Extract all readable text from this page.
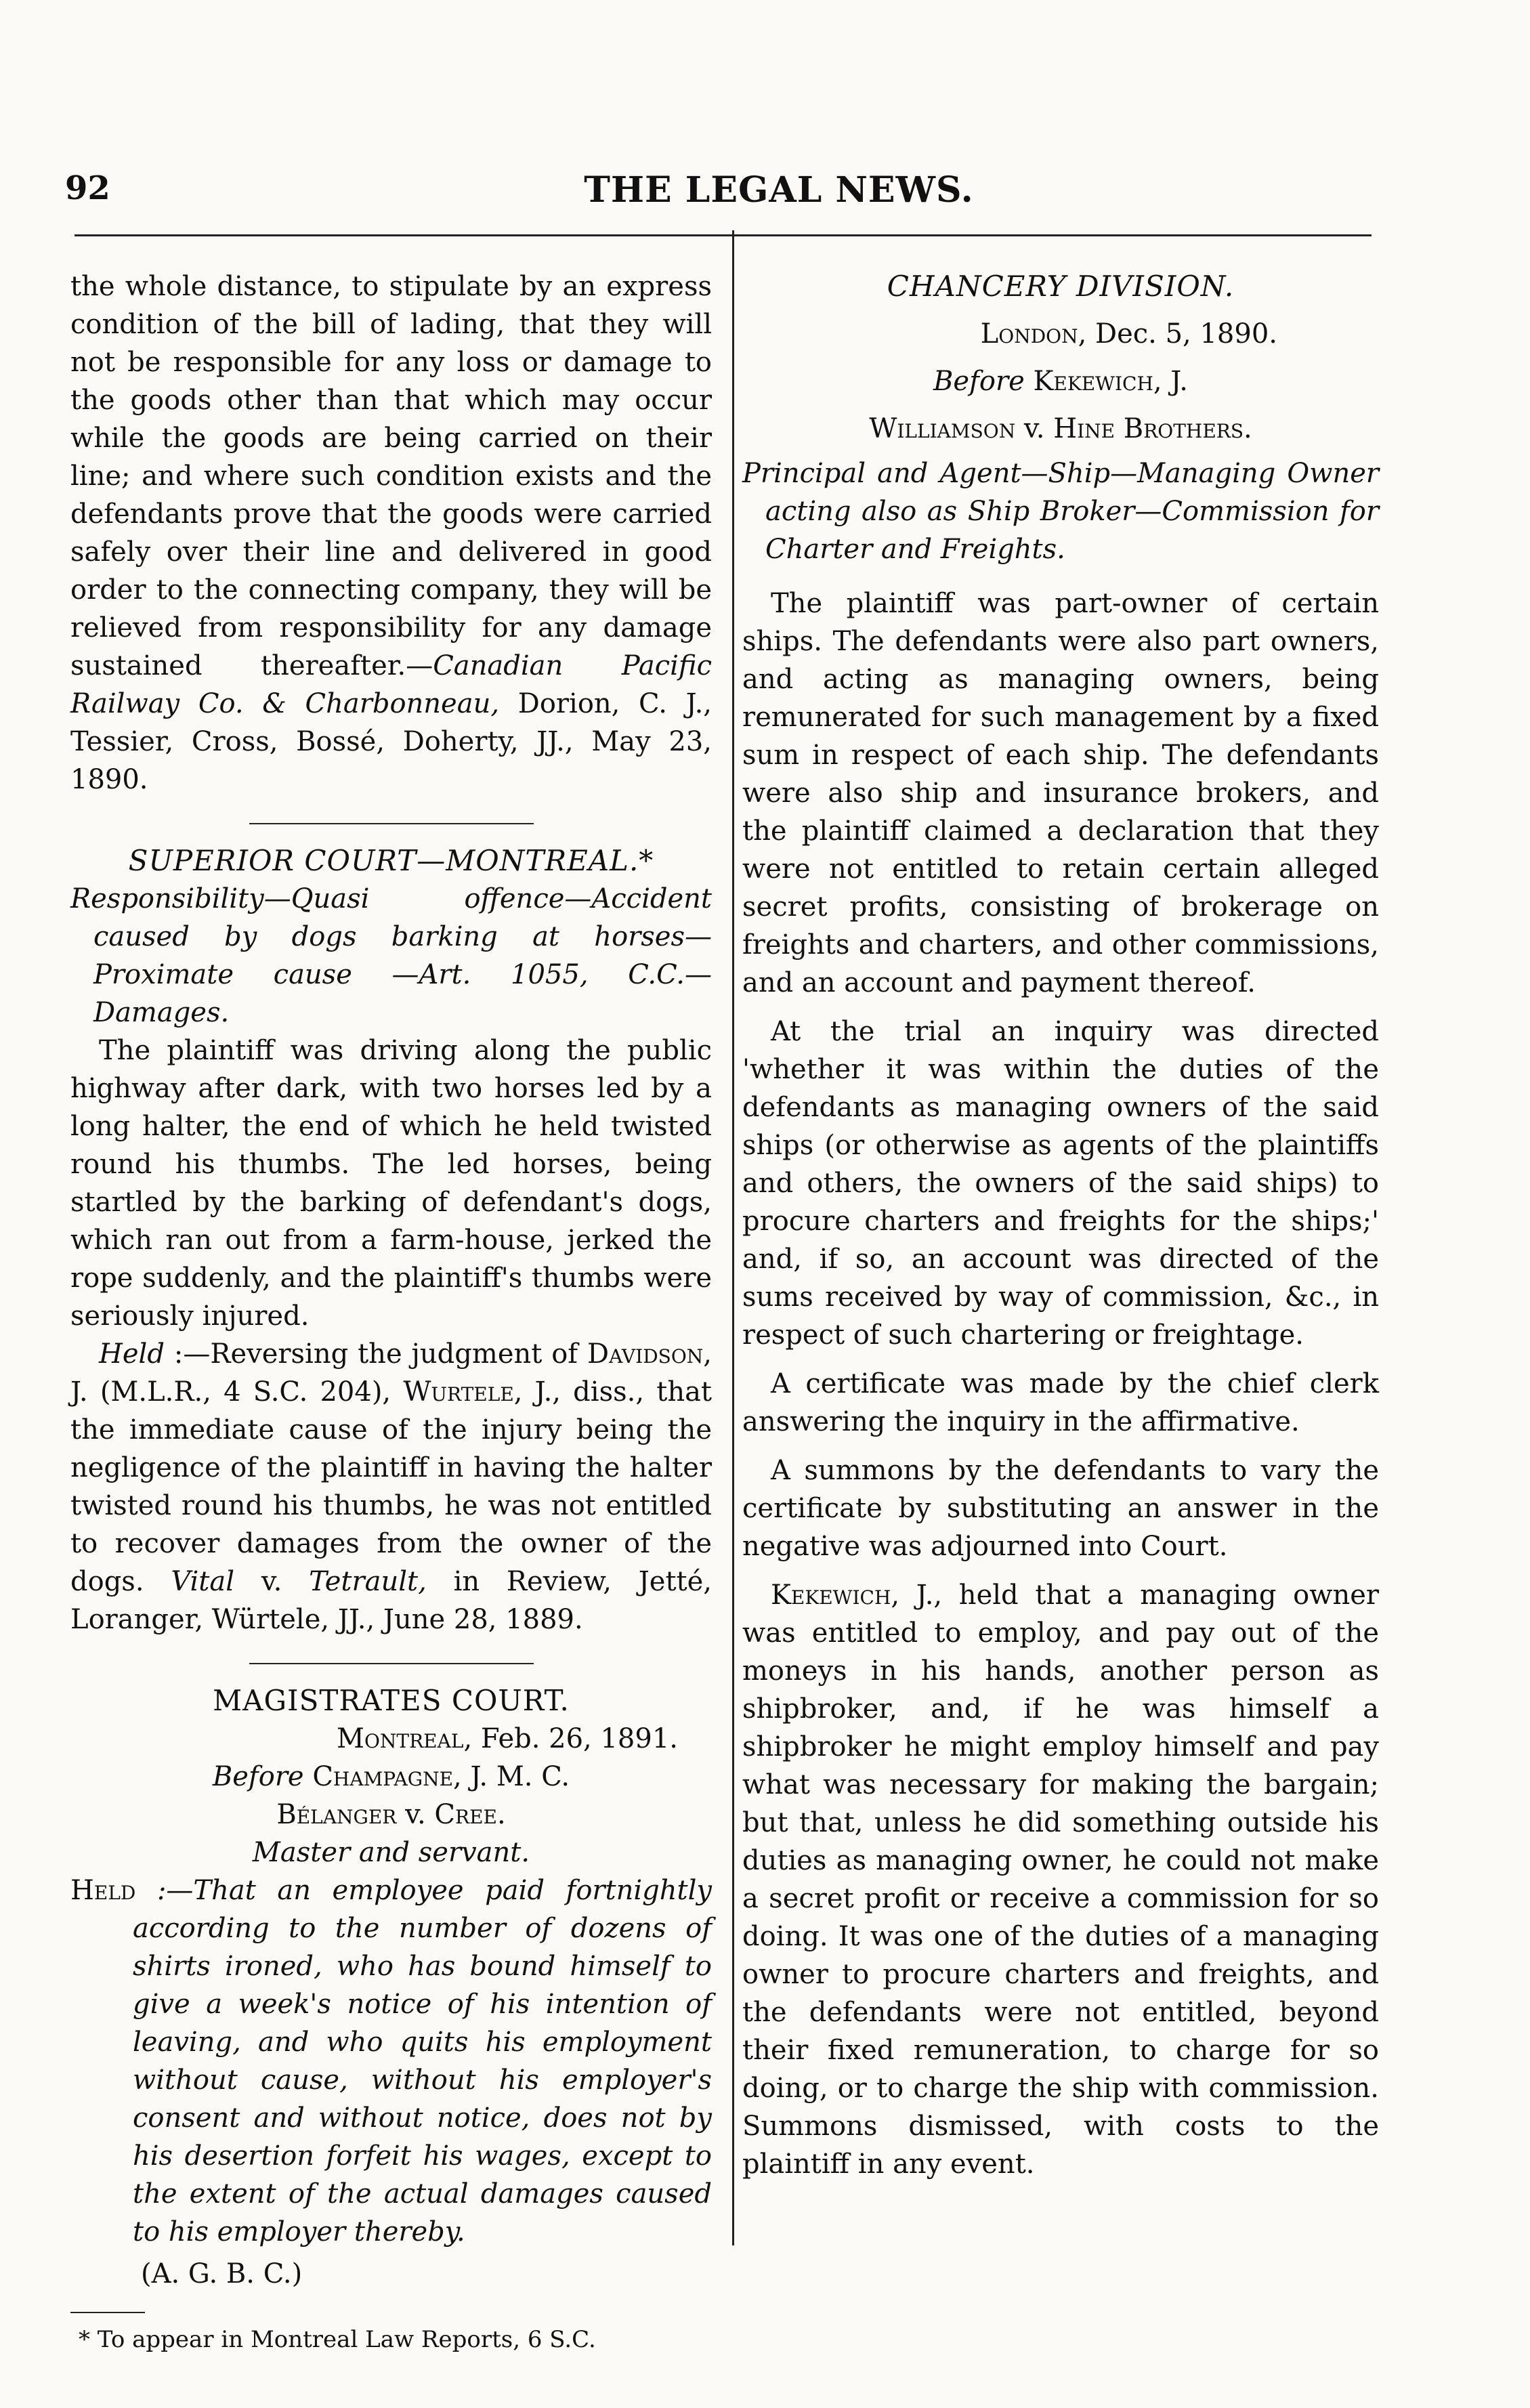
92	THE LEGAL NEWS.

the whole distance, to stipulate by an express condition of the bill of lading, that they will not be responsible for any loss or damage to the goods other than that which may occur while the goods are being carried on their line; and where such condition exists and the defendants prove that the goods were carried safely over their line and delivered in good order to the connecting company, they will be relieved from responsibility for any damage sustained thereafter.—Canadian Pacific Railway Co. & Charbonneau, Dorion, C. J., Tessier, Cross, Bossé, Doherty, JJ., May 23, 1890.

SUPERIOR COURT—MONTREAL.*

Responsibility—Quasi offence—Accident caused by dogs barking at horses—Proximate cause —Art. 1055, C.C.—Damages.

The plaintiff was driving along the public highway after dark, with two horses led by a long halter, the end of which he held twisted round his thumbs. The led horses, being startled by the barking of defendant's dogs, which ran out from a farm-house, jerked the rope suddenly, and the plaintiff's thumbs were seriously injured.

Held :—Reversing the judgment of Davidson, J. (M.L.R., 4 S.C. 204), Wurtele, J., diss., that the immediate cause of the injury being the negligence of the plaintiff in having the halter twisted round his thumbs, he was not entitled to recover damages from the owner of the dogs. Vital v. Tetrault, in Review, Jetté, Loranger, Würtele, JJ., June 28, 1889.

MAGISTRATES COURT.

Montreal, Feb. 26, 1891.

Before Champagne, J. M. C.

Bélanger v. Cree.

Master and servant.

Held :—That an employee paid fortnightly according to the number of dozens of shirts ironed, who has bound himself to give a week's notice of his intention of leaving, and who quits his employment without cause, without his employer's consent and without notice, does not by his desertion forfeit his wages, except to the extent of the actual damages caused to his employer thereby.

(A. G. B. C.)

* To appear in Montreal Law Reports, 6 S.C.

CHANCERY DIVISION.

London, Dec. 5, 1890.

Before Kekewich, J.

Williamson v. Hine Brothers.

Principal and Agent—Ship—Managing Owner acting also as Ship Broker—Commission for Charter and Freights.

The plaintiff was part-owner of certain ships. The defendants were also part owners, and acting as managing owners, being remunerated for such management by a fixed sum in respect of each ship. The defendants were also ship and insurance brokers, and the plaintiff claimed a declaration that they were not entitled to retain certain alleged secret profits, consisting of brokerage on freights and charters, and other commissions, and an account and payment thereof.

At the trial an inquiry was directed 'whether it was within the duties of the defendants as managing owners of the said ships (or otherwise as agents of the plaintiffs and others, the owners of the said ships) to procure charters and freights for the ships;' and, if so, an account was directed of the sums received by way of commission, &c., in respect of such chartering or freightage.

A certificate was made by the chief clerk answering the inquiry in the affirmative.

A summons by the defendants to vary the certificate by substituting an answer in the negative was adjourned into Court.

Kekewich, J., held that a managing owner was entitled to employ, and pay out of the moneys in his hands, another person as shipbroker, and, if he was himself a shipbroker he might employ himself and pay what was necessary for making the bargain; but that, unless he did something outside his duties as managing owner, he could not make a secret profit or receive a commission for so doing. It was one of the duties of a managing owner to procure charters and freights, and the defendants were not entitled, beyond their fixed remuneration, to charge for so doing, or to charge the ship with commission. Summons dismissed, with costs to the plaintiff in any event.
